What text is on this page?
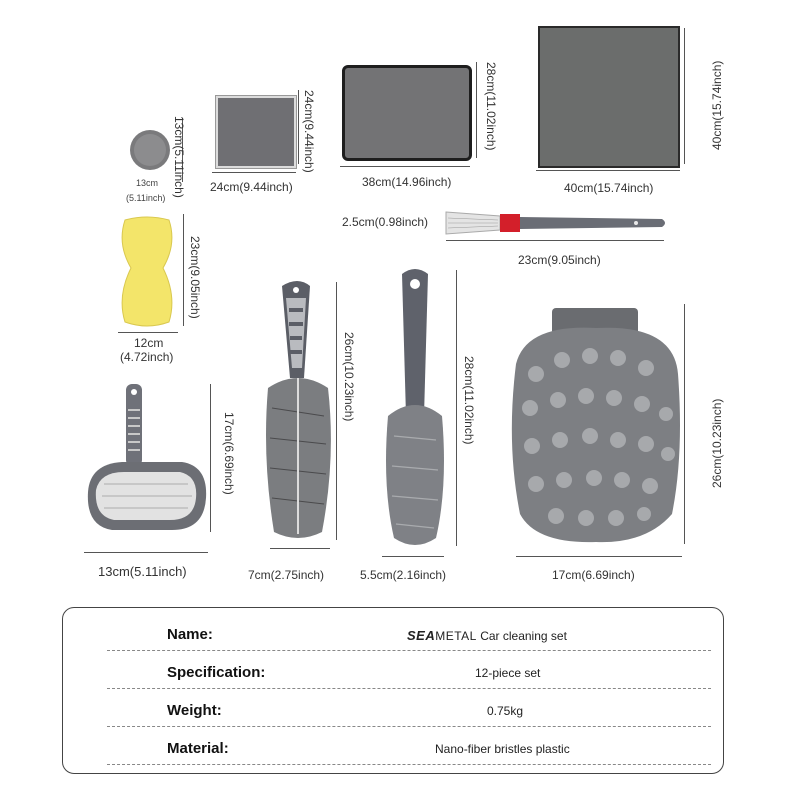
13cm
(5.11inch)
13cm(5.11inch) 24cm(9.44inch)
24cm(9.44inch)
38cm(14.96inch)
28cm(11.02inch)
40cm(15.74inch)
40cm(15.74inch)
2.5cm(0.98inch)
23cm(9.05inch)
23cm(9.05inch)
12cm
(4.72inch)
17cm(6.69inch)
13cm(5.11inch)
26cm(10.23inch)
7cm(2.75inch)
28cm(11.02inch)
5.5cm(2.16inch)
26cm(10.23inch)
17cm(6.69inch)
Name:	SEAMETAL Car cleaning set
Specification:	12-piece set
Weight:	0.75kg
Material:	Nano-fiber bristles plastic
